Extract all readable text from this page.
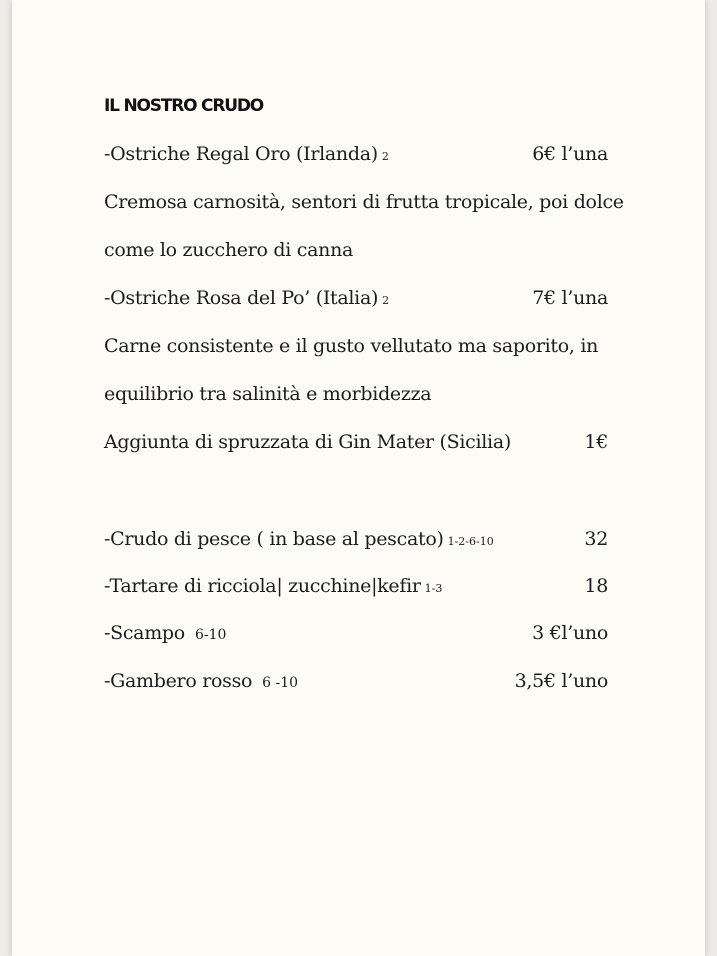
IL NOSTRO CRUDO
-Ostriche Regal Oro (Irlanda) 2	6€ l’una
Cremosa carnosità, sentori di frutta tropicale, poi dolce
come lo zucchero di canna
-Ostriche Rosa del Po’ (Italia) 2	7€ l’una
Carne consistente e il gusto vellutato ma saporito, in
equilibrio tra salinità e morbidezza
Aggiunta di spruzzata di Gin Mater (Sicilia)	1€
-Crudo di pesce ( in base al pescato) 1-2-6-10	32
-Tartare di ricciola| zucchine|kefir 1-3	18
-Scampo 6-10	3 €l’uno
-Gambero rosso 6 -10	3,5€ l’uno
